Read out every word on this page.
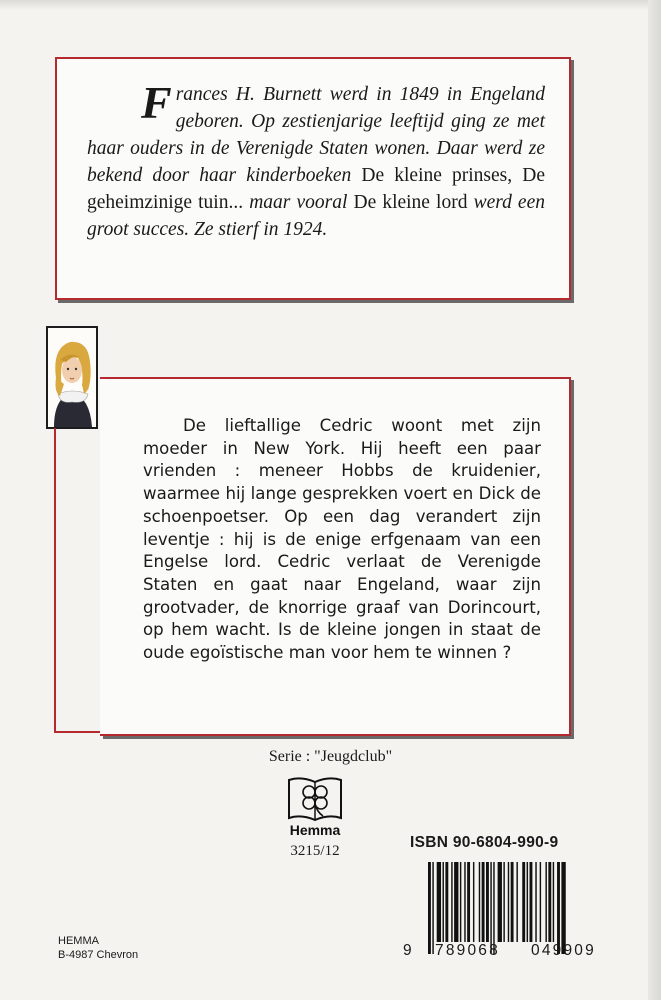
Frances H. Burnett werd in 1849 in Engeland geboren. Op zestienjarige leeftijd ging ze met haar ouders in de Verenigde Staten wonen. Daar werd ze bekend door haar kinderboeken De kleine prinses, De geheimzinige tuin... maar vooral De kleine lord werd een groot succes. Ze stierf in 1924.
De lieftallige Cedric woont met zijn moeder in New York. Hij heeft een paar vrienden : meneer Hobbs de kruidenier, waarmee hij lange gesprekken voert en Dick de schoenpoetser. Op een dag verandert zijn leventje : hij is de enige erfgenaam van een Engelse lord. Cedric verlaat de Verenigde Staten en gaat naar Engeland, waar zijn grootvader, de knorrige graaf van Dorincourt, op hem wacht. Is de kleine jongen in staat de oude egoïstische man voor hem te winnen ?
Serie : "Jeugdclub"
Hemma
3215/12	ISBN 90-6804-990-9
9 789068 049909
HEMMA
B-4987 Chevron
